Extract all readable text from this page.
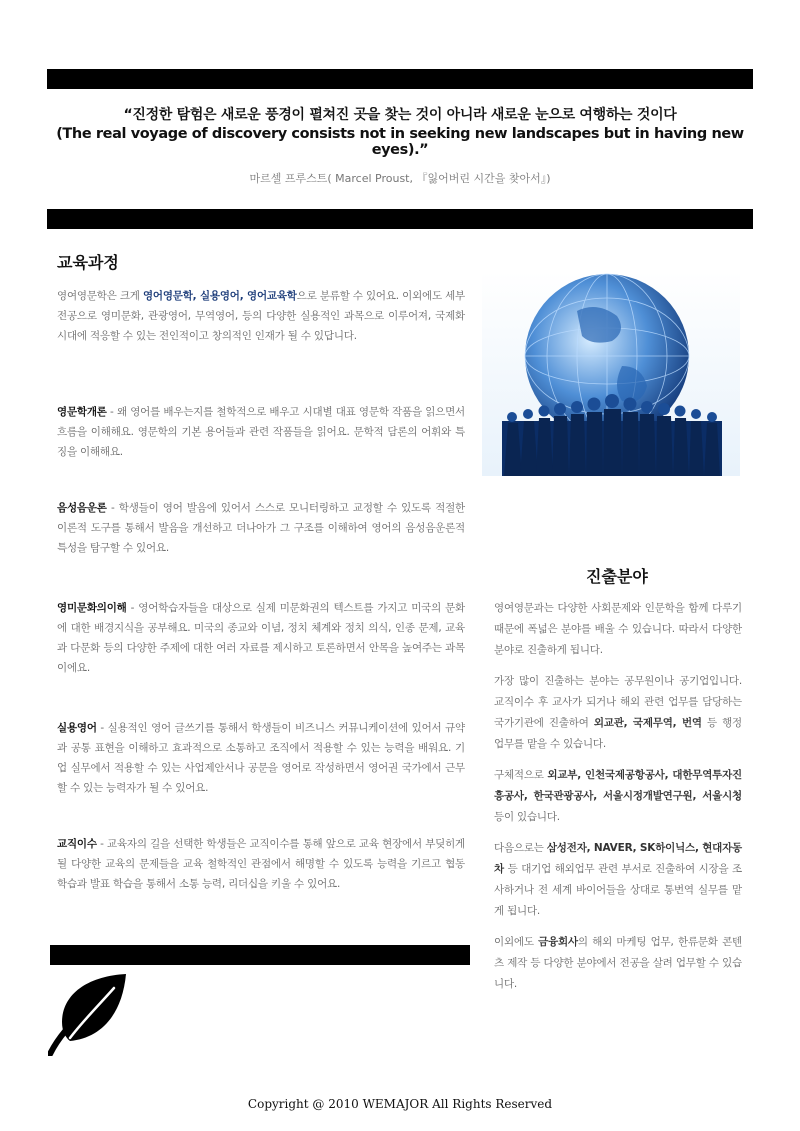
“진정한 탐험은 새로운 풍경이 펼쳐진 곳을 찾는 것이 아니라 새로운 눈으로 여행하는 것이다
(The real voyage of discovery consists not in seeking new landscapes but in having new eyes).”
마르셀 프루스트( Marcel Proust, 『잃어버린 시간을 찾아서』)
교육과정

영여영문학은 크게 영어영문학, 실용영어, 영어교육학으로 분류할 수 있어요. 이외에도 세부전공으로 영미문화, 관광영어, 무역영어, 등의 다양한 실용적인 과목으로 이루어져, 국제화 시대에 적응할 수 있는 전인적이고 창의적인 인재가 될 수 있답니다.

영문학개론 - 왜 영어를 배우는지를 철학적으로 배우고 시대별 대표 영문학 작품을 읽으면서 흐름을 이해해요. 영문학의 기본 용어들과 관련 작품들을 읽어요. 문학적 담론의 어휘와 특징을 이해해요.

음성음운론 - 학생들이 영어 발음에 있어서 스스로 모니터링하고 교정할 수 있도록 적절한 이론적 도구를 통해서 발음을 개선하고 더나아가 그 구조를 이해하여 영어의 음성음운론적 특성을 탐구할 수 있어요.

영미문화의이해 - 영어학습자들을 대상으로 실제 미문화권의 텍스트를 가지고 미국의 문화에 대한 배경지식을 공부해요. 미국의 종교와 이념, 정치 체계와 정치 의식, 인종 문제, 교육과 다문화 등의 다양한 주제에 대한 여러 자료를 제시하고 토론하면서 안목을 높여주는 과목이에요.

실용영어 - 실용적인 영어 글쓰기를 통해서 학생들이 비즈니스 커뮤니케이션에 있어서 규약과 공통 표현을 이해하고 효과적으로 소통하고 조직에서 적용할 수 있는 능력을 배워요. 기업 실무에서 적용할 수 있는 사업제안서나 공문을 영어로 작성하면서 영어권 국가에서 근무할 수 있는 능력자가 될 수 있어요.

교직이수 - 교육자의 길을 선택한 학생들은 교직이수를 통해 앞으로 교육 현장에서 부딪히게 될 다양한 교육의 문제들을 교육 철학적인 관점에서 해명할 수 있도록 능력을 기르고 협동 학습과 발표 학습을 통해서 소통 능력, 리더십을 키울 수 있어요.

진출분야

영여영문과는 다양한 사회문제와 인문학을 함께 다루기 때문에 폭넓은 분야를 배울 수 있습니다. 따라서 다양한 분야로 진출하게 됩니다.

가장 많이 진출하는 분야는 공무원이나 공기업입니다. 교직이수 후 교사가 되거나 해외 관련 업무를 담당하는 국가기관에 진출하여 외교관, 국제무역, 번역 등 행정 업무를 맡을 수 있습니다.

구체적으로 외교부, 인천국제공항공사, 대한무역투자진흥공사, 한국관광공사, 서울시정개발연구원, 서울시청 등이 있습니다.

다음으로는 삼성전자, NAVER, SK하이닉스, 현대자동차 등 대기업 해외업무 관련 부서로 진출하여 시장을 조사하거나 전 세계 바이어들을 상대로 통번역 실무를 맡게 됩니다.

이외에도 금융회사의 해외 마케팅 업무, 한류문화 콘텐츠 제작 등 다양한 분야에서 전공을 살려 업무할 수 있습니다.

Copyright @ 2010 WEMAJOR All Rights Reserved
